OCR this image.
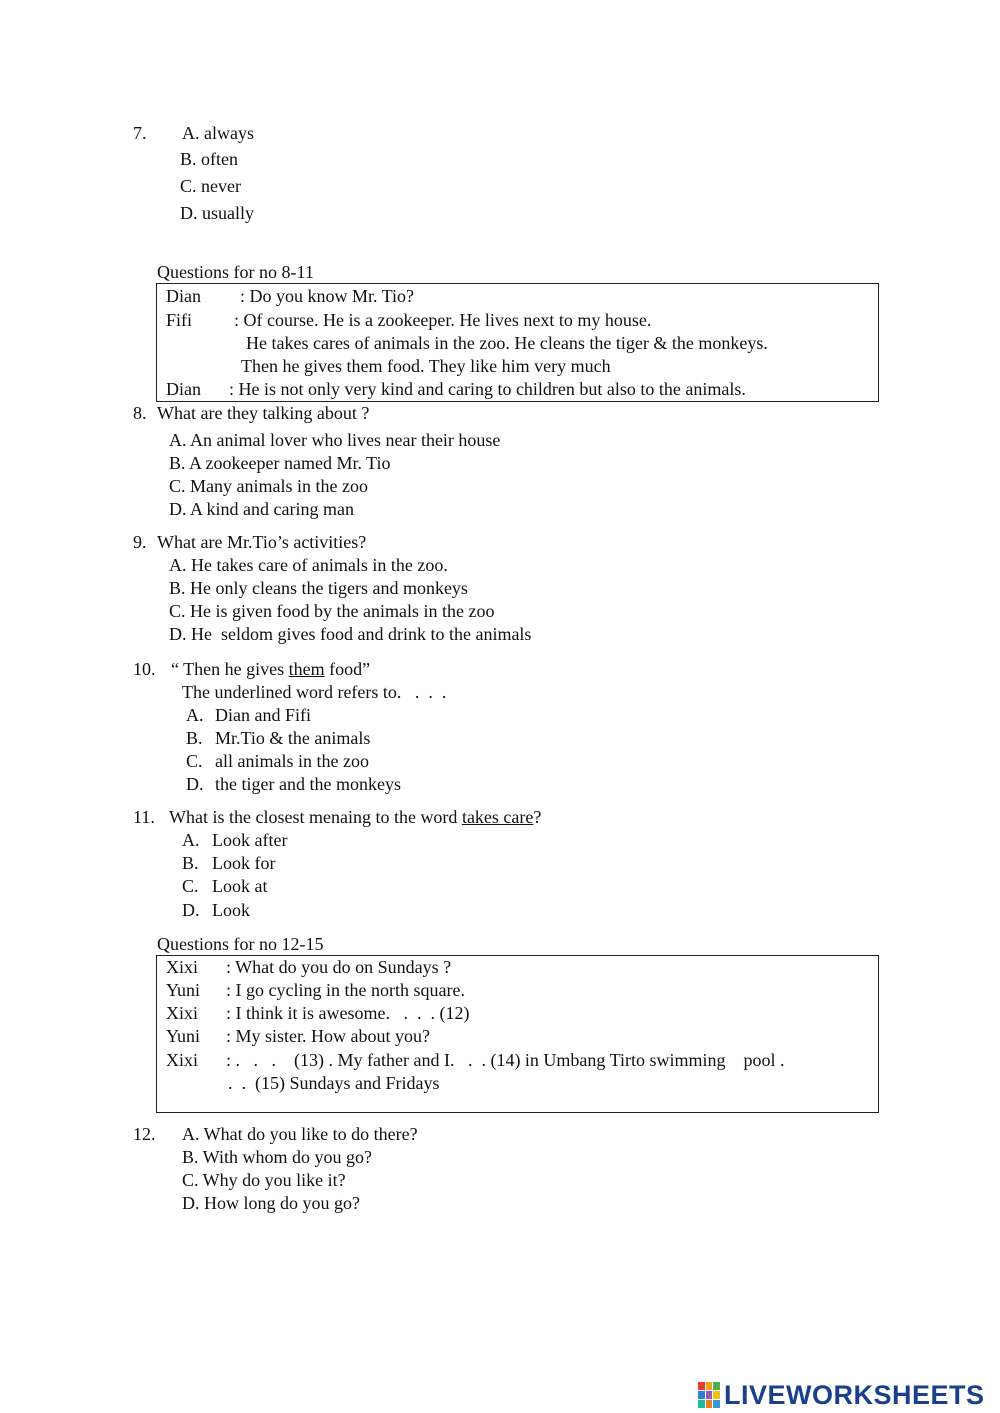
7. A. always
B. often
C. never
D. usually
Questions for no 8-11
Dian : Do you know Mr. Tio?
Fifi : Of course. He is a zookeeper. He lives next to my house.
He takes cares of animals in the zoo. He cleans the tiger & the monkeys.
Then he gives them food. They like him very much
Dian : He is not only very kind and caring to children but also to the animals.
8. What are they talking about ?
A. An animal lover who lives near their house
B. A zookeeper named Mr. Tio
C. Many animals in the zoo
D. A kind and caring man
9. What are Mr.Tio’s activities?
A. He takes care of animals in the zoo.
B. He only cleans the tigers and monkeys
C. He is given food by the animals in the zoo
D. He  seldom gives food and drink to the animals
10. “ Then he gives them food”
The underlined word refers to.   .  .  .
A. Dian and Fifi
B. Mr.Tio & the animals
C. all animals in the zoo
D. the tiger and the monkeys
11. What is the closest menaing to the word takes care?
A. Look after
B. Look for
C. Look at
D. Look
Questions for no 12-15
Xixi : What do you do on Sundays ?
Yuni : I go cycling in the north square.
Xixi : I think it is awesome.   .  .  . (12)
Yuni : My sister. How about you?
Xixi : .   .   .    (13) . My father and I.   .  . (14) in Umbang Tirto swimming    pool .
.  .  (15) Sundays and Fridays
12. A. What do you like to do there?
B. With whom do you go?
C. Why do you like it?
D. How long do you go?
LIVEWORKSHEETS
